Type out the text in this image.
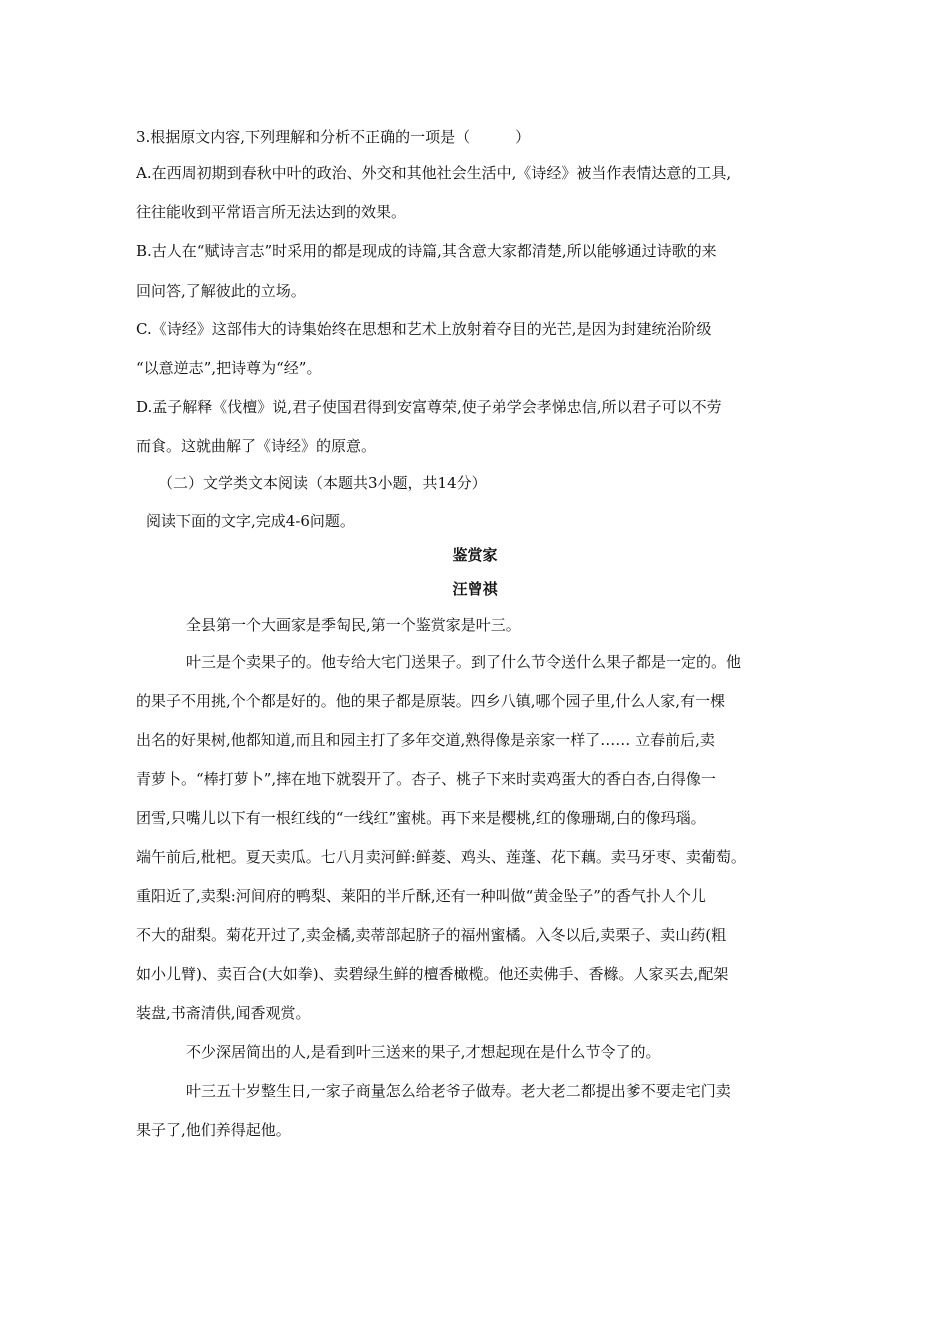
3.根据原文内容,下列理解和分析不正确的一项是（　　　）
A.在西周初期到春秋中叶的政治、外交和其他社会生活中,《诗经》被当作表情达意的工具,
往往能收到平常语言所无法达到的效果。
B.古人在“赋诗言志”时采用的都是现成的诗篇,其含意大家都清楚,所以能够通过诗歌的来
回问答,了解彼此的立场。
C.《诗经》这部伟大的诗集始终在思想和艺术上放射着夺目的光芒,是因为封建统治阶级
“以意逆志”,把诗尊为“经”。
D.孟子解释《伐檀》说,君子使国君得到安富尊荣,使子弟学会孝悌忠信,所以君子可以不劳
而食。这就曲解了《诗经》的原意。
（二）文学类文本阅读（本题共3小题，共14分）
阅读下面的文字,完成4-6问题。
鉴赏家
汪曾祺
全县第一个大画家是季匋民,第一个鉴赏家是叶三。
叶三是个卖果子的。他专给大宅门送果子。到了什么节令送什么果子都是一定的。他
的果子不用挑,个个都是好的。他的果子都是原装。四乡八镇,哪个园子里,什么人家,有一棵
出名的好果树,他都知道,而且和园主打了多年交道,熟得像是亲家一样了…… 立春前后,卖
青萝卜。“棒打萝卜”,摔在地下就裂开了。杏子、桃子下来时卖鸡蛋大的香白杏,白得像一
团雪,只嘴儿以下有一根红线的“一线红”蜜桃。再下来是樱桃,红的像珊瑚,白的像玛瑙。
端午前后,枇杷。夏天卖瓜。七八月卖河鲜:鲜菱、鸡头、莲蓬、花下藕。卖马牙枣、卖葡萄。
重阳近了,卖梨:河间府的鸭梨、莱阳的半斤酥,还有一种叫做“黄金坠子”的香气扑人个儿
不大的甜梨。菊花开过了,卖金橘,卖蒂部起脐子的福州蜜橘。入冬以后,卖栗子、卖山药(粗
如小儿臂)、卖百合(大如拳)、卖碧绿生鲜的檀香橄榄。他还卖佛手、香橼。人家买去,配架
装盘,书斋清供,闻香观赏。
不少深居简出的人,是看到叶三送来的果子,才想起现在是什么节令了的。
叶三五十岁整生日,一家子商量怎么给老爷子做寿。老大老二都提出爹不要走宅门卖
果子了,他们养得起他。
